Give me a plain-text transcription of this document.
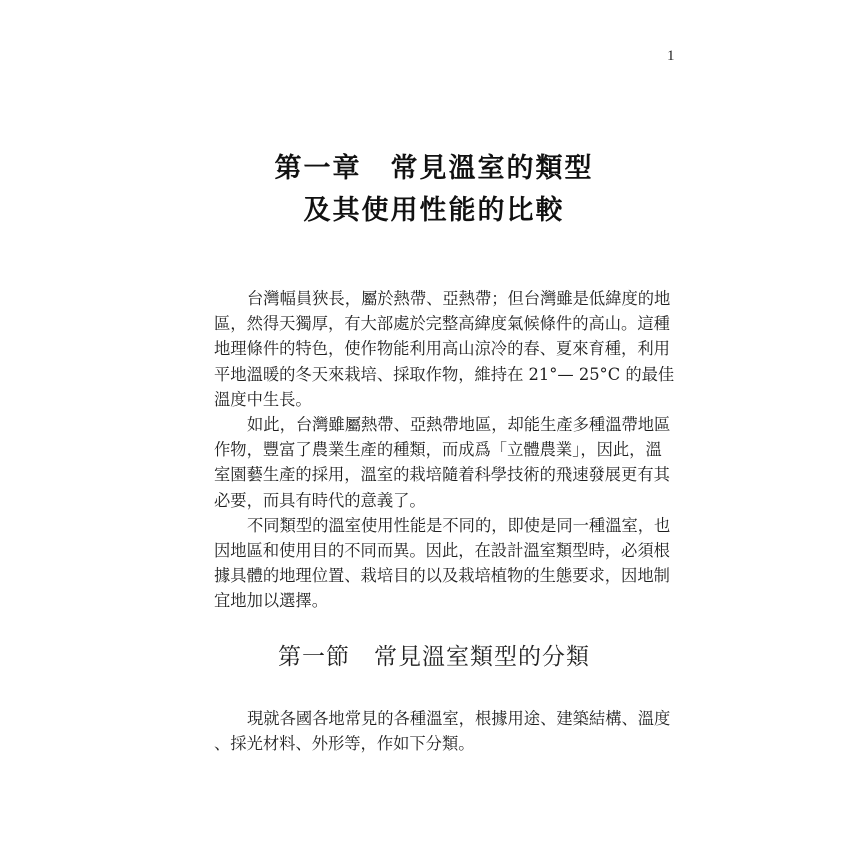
1
第一章　常見溫室的類型
及其使用性能的比較

台灣幅員狹長，屬於熱帶、亞熱帶；但台灣雖是低緯度的地
區，然得天獨厚，有大部處於完整高緯度氣候條件的高山。這種
地理條件的特色，使作物能利用高山涼冷的春、夏來育種，利用
平地溫暖的冬天來栽培、採取作物，維持在 21°— 25°C 的最佳
溫度中生長。

如此，台灣雖屬熱帶、亞熱帶地區，却能生產多種溫帶地區
作物，豐富了農業生產的種類，而成爲「立體農業」，因此，溫
室園藝生產的採用，溫室的栽培隨着科學技術的飛速發展更有其
必要，而具有時代的意義了。

不同類型的溫室使用性能是不同的，即使是同一種溫室，也
因地區和使用目的不同而異。因此，在設計溫室類型時，必須根
據具體的地理位置、栽培目的以及栽培植物的生態要求，因地制
宜地加以選擇。

第一節　常見溫室類型的分類

現就各國各地常見的各種溫室，根據用途、建築結構、溫度
、採光材料、外形等，作如下分類。
